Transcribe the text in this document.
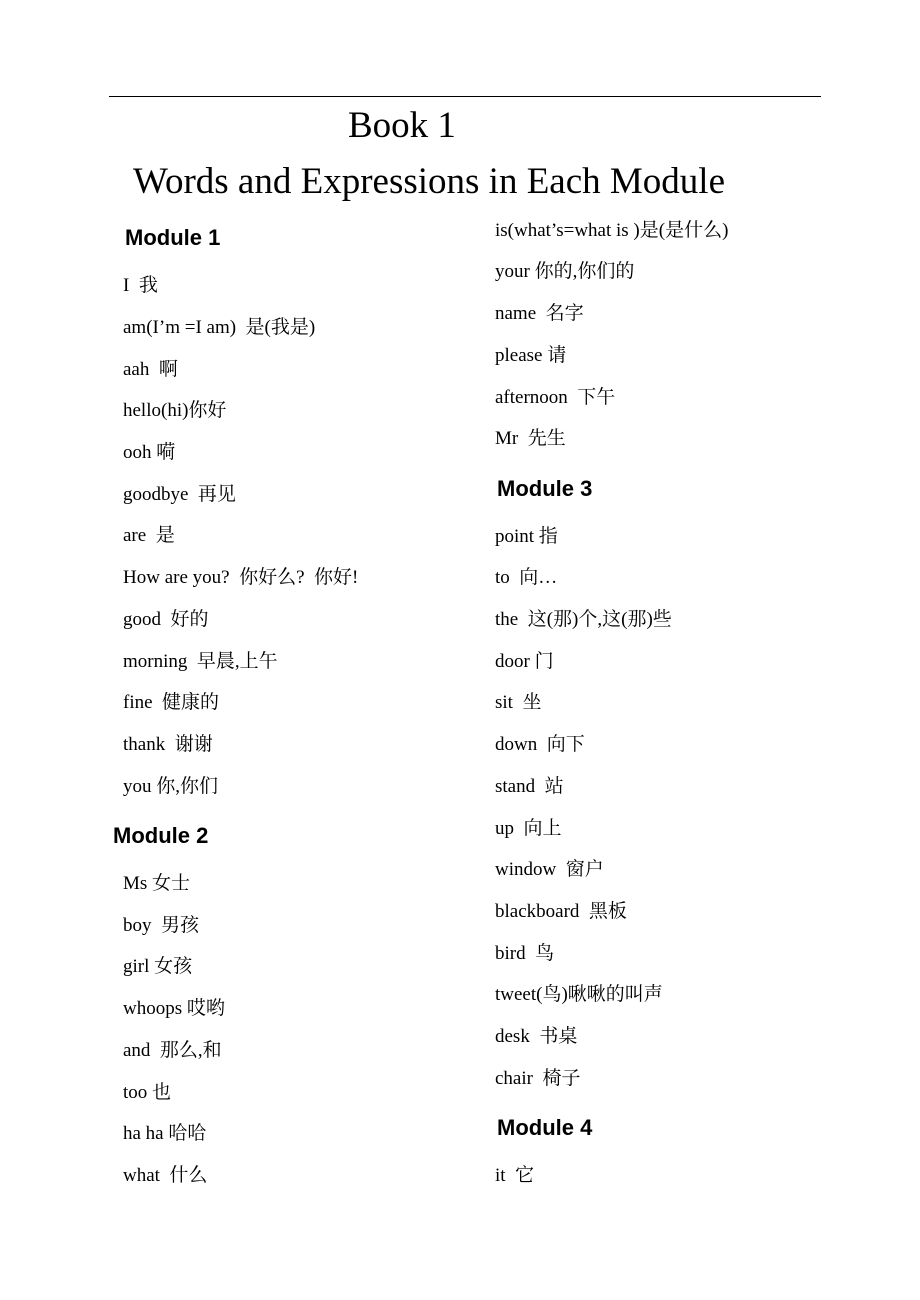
Book 1
Words and Expressions in Each Module
Module 1
I  我
am(I’m =I am)  是(我是)
aah  啊
hello(hi)你好
ooh 嗬
goodbye  再见
are  是
How are you?  你好么?  你好!
good  好的
morning  早晨,上午
fine  健康的
thank  谢谢
you 你,你们
Module 2
Ms 女士
boy  男孩
girl 女孩
whoops 哎哟
and  那么,和
too 也
ha ha 哈哈
what  什么
is(what’s=what is )是(是什么)
your 你的,你们的
name  名字
please 请
afternoon  下午
Mr  先生
Module 3
point 指
to  向…
the  这(那)个,这(那)些
door 门
sit  坐
down  向下
stand  站
up  向上
window  窗户
blackboard  黑板
bird  鸟
tweet(鸟)啾啾的叫声
desk  书桌
chair  椅子
Module 4
it  它
